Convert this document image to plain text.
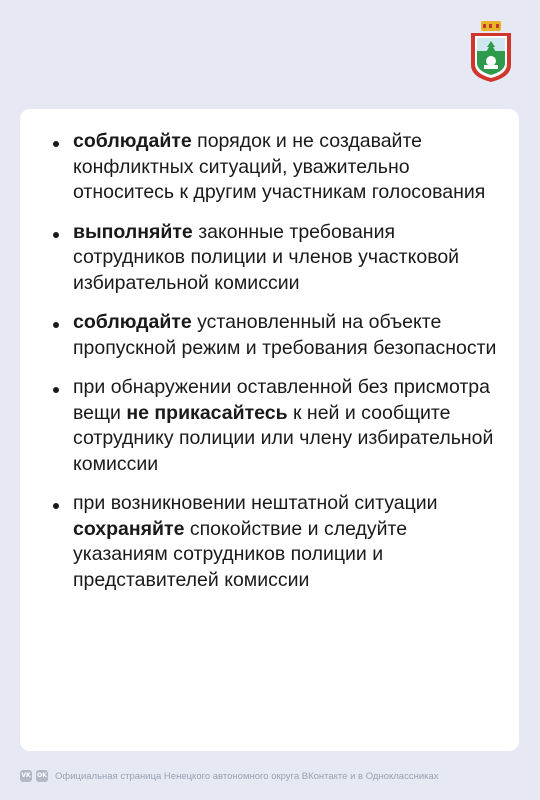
соблюдайте порядок и не создавайте конфликтных ситуаций, уважительно относитесь к другим участникам голосования
выполняйте законные требования сотрудников полиции и членов участковой избирательной комиссии
соблюдайте установленный на объекте пропускной режим и требования безопасности
при обнаружении оставленной без присмотра вещи не прикасайтесь к ней и сообщите сотруднику полиции или члену избирательной комиссии
при возникновении нештатной ситуации сохраняйте спокойствие и следуйте указаниям сотрудников полиции и представителей комиссии
VK OK Официальная страница Ненецкого автономного округа ВКонтакте и в Одноклассниках
